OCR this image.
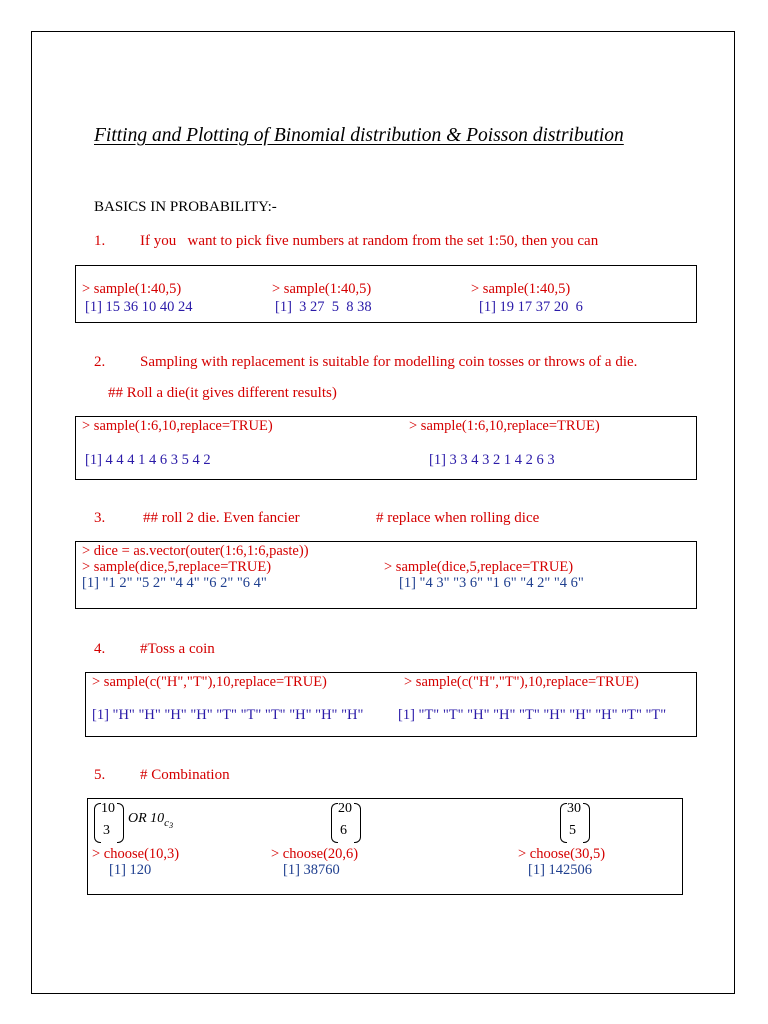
Fitting and Plotting of Binomial distribution & Poisson distribution
BASICS IN PROBABILITY:-
1. If you   want to pick five numbers at random from the set 1:50, then you can
> sample(1:40,5)
[1] 15 36 10 40 24
> sample(1:40,5)
[1]  3 27  5  8 38
> sample(1:40,5)
[1] 19 17 37 20  6
2. Sampling with replacement is suitable for modelling coin tosses or throws of a die.
## Roll a die(it gives different results)
> sample(1:6,10,replace=TRUE)
[1] 4 4 4 1 4 6 3 5 4 2
> sample(1:6,10,replace=TRUE)
[1] 3 3 4 3 2 1 4 2 6 3
3.	## roll 2 die. Even fancier	# replace when rolling dice
> dice = as.vector(outer(1:6,1:6,paste))
> sample(dice,5,replace=TRUE)
[1] "1 2" "5 2" "4 4" "6 2" "6 4"
> sample(dice,5,replace=TRUE)
[1] "4 3" "3 6" "1 6" "4 2" "4 6"
4. #Toss a coin
> sample(c("H","T"),10,replace=TRUE)
[1] "H" "H" "H" "H" "T" "T" "T" "H" "H" "H"
> sample(c("H","T"),10,replace=TRUE)
[1] "T" "T" "H" "H" "T" "H" "H" "H" "T" "T"
5. # Combination
10
3
OR $10_{c3}$
20
6
30
5
> choose(10,3)
[1] 120
> choose(20,6)
[1] 38760
> choose(30,5)
[1] 142506
